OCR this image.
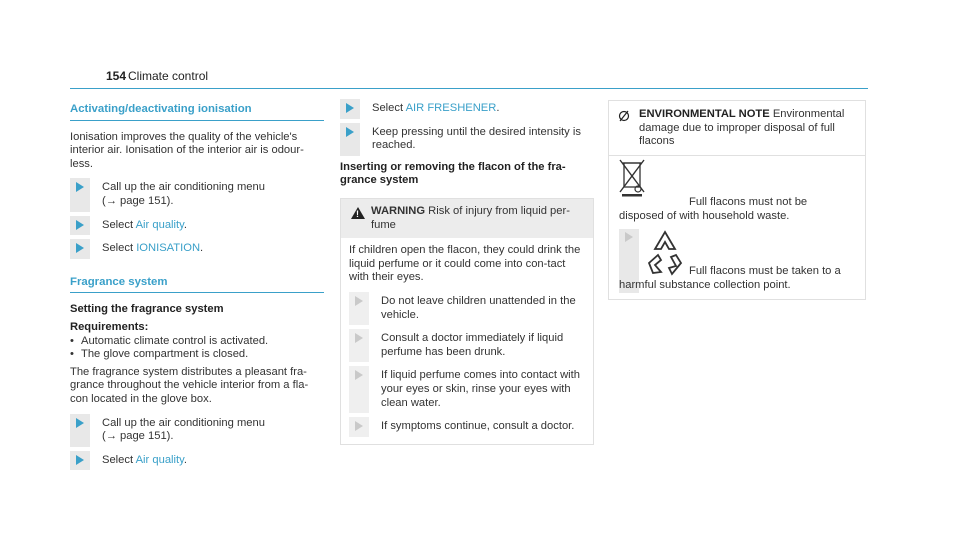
154 Climate control
Activating/deactivating ionisation

Ionisation improves the quality of the vehicle's interior air. Ionisation of the interior air is odour-less.

Call up the air conditioning menu
(→ page 151).
Select Air quality.
Select IONISATION.
Fragrance system
Setting the fragrance system
Requirements:
• Automatic climate control is activated.
• The glove compartment is closed.

The fragrance system distributes a pleasant fra-grance throughout the vehicle interior from a fla-con located in the glove box.

Call up the air conditioning menu
(→ page 151).
Select Air quality.
Select AIR FRESHENER.
Keep pressing until the desired intensity is reached.
Inserting or removing the flacon of the fra-grance system
! WARNING Risk of injury from liquid per-fume

If children open the flacon, they could drink the liquid perfume or it could come into con-tact with their eyes.

Do not leave children unattended in the vehicle.
Consult a doctor immediately if liquid perfume has been drunk.
If liquid perfume comes into contact with your eyes or skin, rinse your eyes with clean water.
If symptoms continue, consult a doctor.
ENVIRONMENTAL NOTE Environmental damage due to improper disposal of full flacons
Full flacons must not be disposed of with household waste.
Full flacons must be taken to a harmful substance collection point.
